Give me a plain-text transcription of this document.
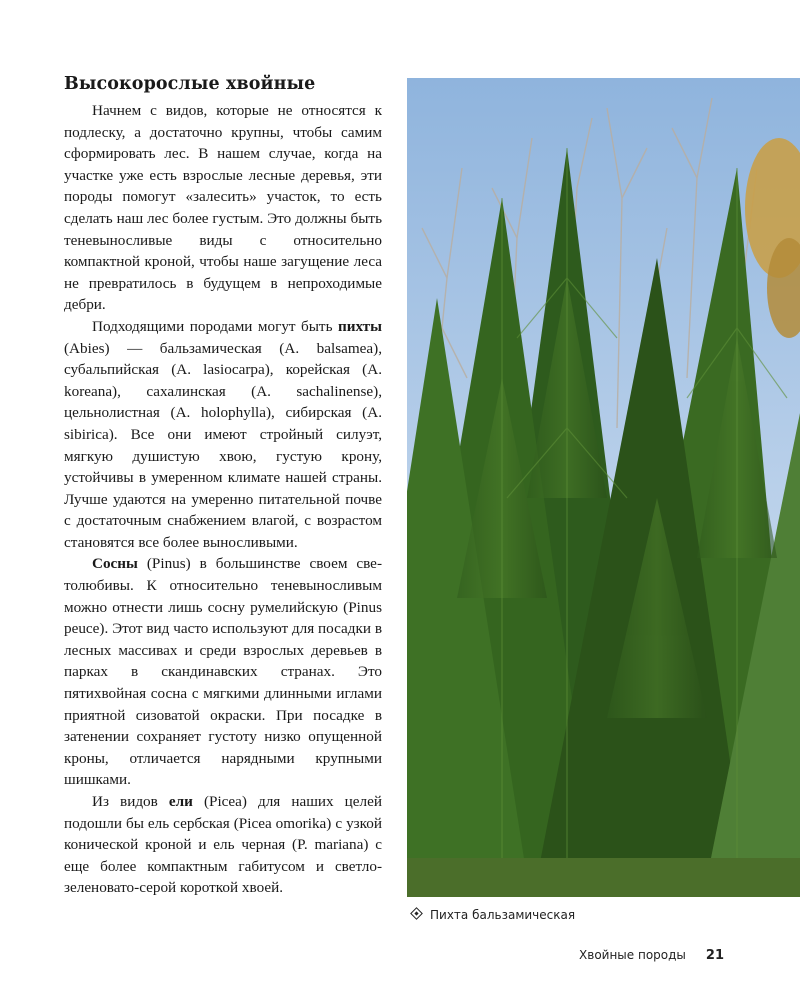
Высокорослые хвойные

Начнем с видов, которые не относятся к подлеску, а достаточно крупны, чтобы самим сформировать лес. В нашем случае, когда на участке уже есть взрослые лесные деревья, эти породы помогут «залесить» участок, то есть сделать наш лес более густым. Это должны быть теневыносливые виды с относительно компактной кроной, чтобы наше загущение леса не превратилось в будущем в непроходимые дебри.

Подходящими породами могут быть пихты (Abies) — бальзамическая (A. balsamea), субальпийская (A. lasiocarpa), корейская (A. koreana), сахалинская (A. sachalinense), цельнолистная (A. holophylla), сибирская (A. sibirica). Все они имеют стройный силуэт, мягкую душистую хвою, густую крону, устойчивы в умеренном климате нашей страны. Лучше удаются на умеренно питательной почве с достаточным снабжением влагой, с возрастом становятся все более выносливыми.

Сосны (Pinus) в большинстве своем светолюбивы. К относительно теневыносливым можно отнести лишь сосну румелийскую (Pinus peuce). Этот вид часто используют для посадки в лесных массивах и среди взрослых деревьев в парках в скандинавских странах. Это пятихвойная сосна с мягкими длинными иглами приятной сизоватой окраски. При посадке в затенении сохраняет густоту низко опущенной кроны, отличается нарядными крупными шишками.

Из видов ели (Picea) для наших целей подошли бы ель сербская (Picea omorika) с узкой конической кроной и ель черная (P. mariana) с еще более компактным габитусом и светло-зеленовато-серой короткой хвоей.

Пихта бальзамическая
Хвойные породы 21
